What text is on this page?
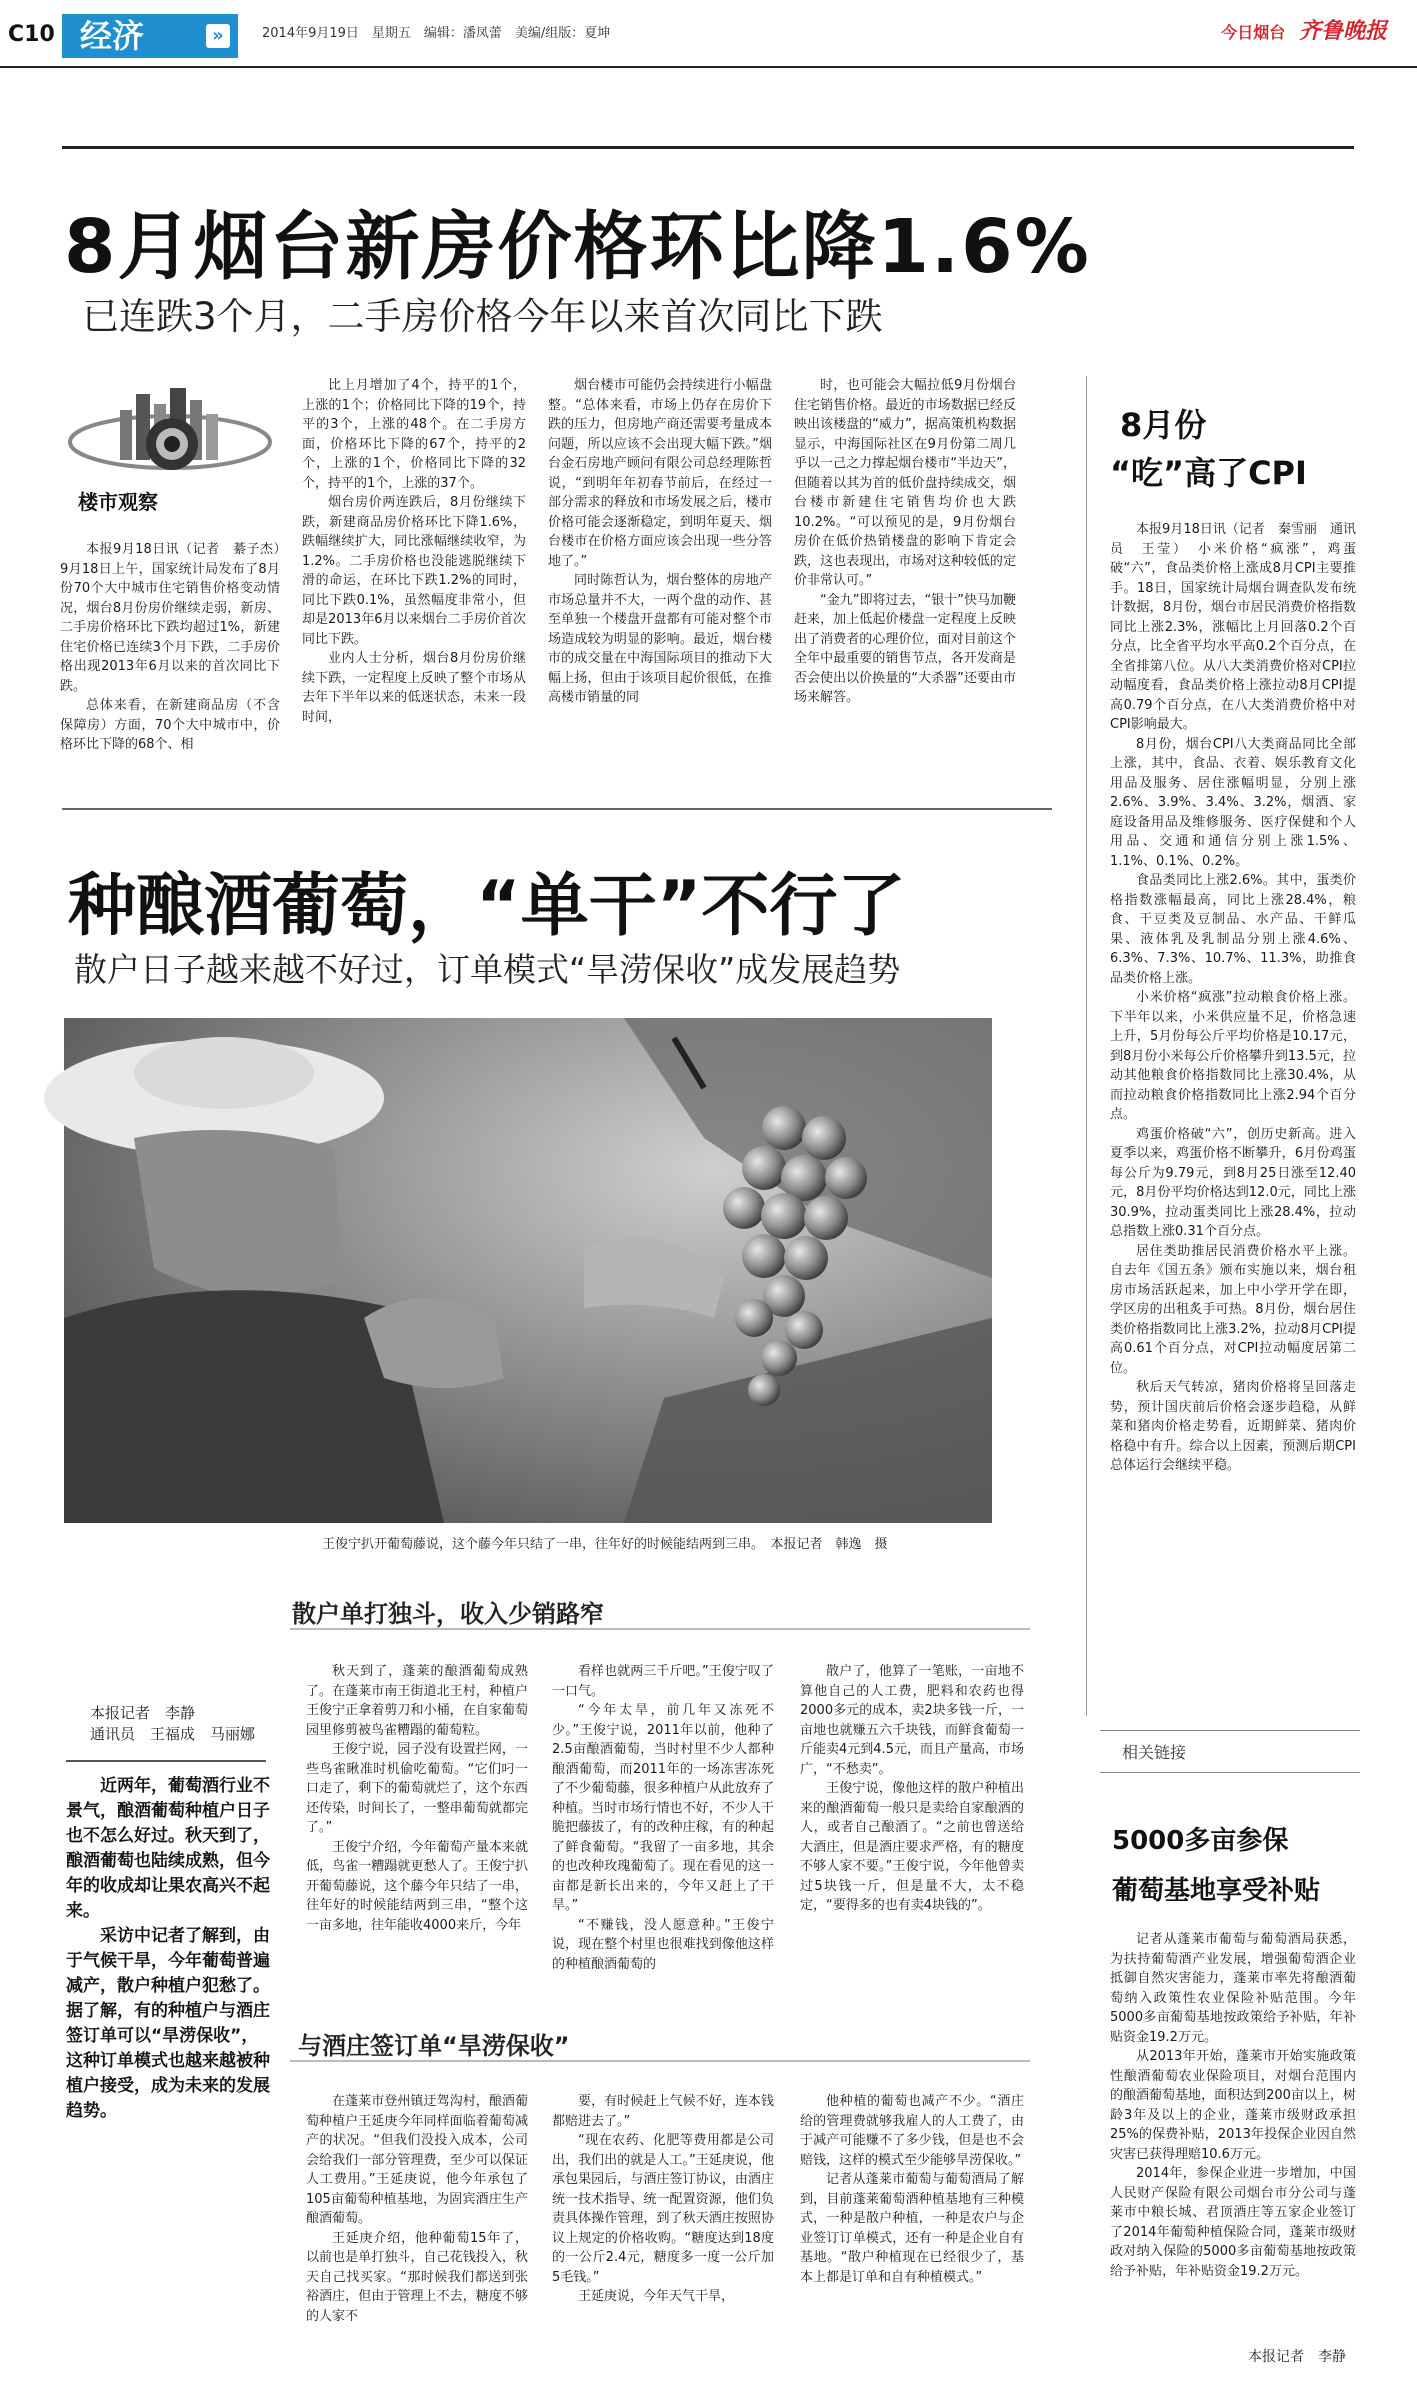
C10 经济	»	2014年9月19日　星期五　编辑：潘凤蕾　美编/组版：夏坤	今日烟台 齐鲁晚报
8月烟台新房价格环比降1.6%
已连跌3个月，二手房价格今年以来首次同比下跌
楼市观察

本报9月18日讯（记者　綦子杰）　9月18日上午，国家统计局发布了8月份70个大中城市住宅销售价格变动情况，烟台8月份房价继续走弱，新房、二手房价格环比下跌均超过1%，新建住宅价格已连续3个月下跌，二手房价格出现2013年6月以来的首次同比下跌。

总体来看，在新建商品房（不含保障房）方面，70个大中城市中，价格环比下降的68个、相

比上月增加了4个，持平的1个，上涨的1个；价格同比下降的19个，持平的3个，上涨的48个。在二手房方面，价格环比下降的67个，持平的2个，上涨的1个，价格同比下降的32个，持平的1个，上涨的37个。

烟台房价两连跌后，8月份继续下跌，新建商品房价格环比下降1.6%，跌幅继续扩大，同比涨幅继续收窄，为1.2%。二手房价格也没能逃脱继续下滑的命运，在环比下跌1.2%的同时，同比下跌0.1%，虽然幅度非常小，但却是2013年6月以来烟台二手房价首次同比下跌。

业内人士分析，烟台8月份房价继续下跌，一定程度上反映了整个市场从去年下半年以来的低迷状态，未来一段时间，

烟台楼市可能仍会持续进行小幅盘整。“总体来看，市场上仍存在房价下跌的压力，但房地产商还需要考量成本问题，所以应该不会出现大幅下跌。”烟台金石房地产顾问有限公司总经理陈哲说，“到明年年初春节前后，在经过一部分需求的释放和市场发展之后，楼市价格可能会逐渐稳定，到明年夏天、烟台楼市在价格方面应该会出现一些分答地了。”

同时陈哲认为，烟台整体的房地产市场总量并不大，一两个盘的动作、甚至单独一个楼盘开盘都有可能对整个市场造成较为明显的影响。最近，烟台楼市的成交量在中海国际项目的推动下大幅上扬，但由于该项目起价很低，在推高楼市销量的同

时，也可能会大幅拉低9月份烟台住宅销售价格。最近的市场数据已经反映出该楼盘的“威力”，据高策机构数据显示，中海国际社区在9月份第二周几乎以一己之力撑起烟台楼市“半边天”，但随着以其为首的低价盘持续成交，烟台楼市新建住宅销售均价也大跌10.2%。“可以预见的是，9月份烟台房价在低价热销楼盘的影响下肯定会跌，这也表现出，市场对这种较低的定价非常认可。”

“金九”即将过去，“银十”快马加鞭赶来，加上低起价楼盘一定程度上反映出了消费者的心理价位，面对目前这个全年中最重要的销售节点，各开发商是否会使出以价换量的“大杀器”还要由市场来解答。

8月份
“吃”高了CPI

本报9月18日讯（记者　秦雪丽　通讯员　王莹）　小米价格“疯涨”，鸡蛋破“六”，食品类价格上涨成8月CPI主要推手。18日，国家统计局烟台调查队发布统计数据，8月份，烟台市居民消费价格指数同比上涨2.3%，涨幅比上月回落0.2个百分点，比全省平均水平高0.2个百分点，在全省排第八位。从八大类消费价格对CPI拉动幅度看，食品类价格上涨拉动8月CPI提高0.79个百分点，在八大类消费价格中对CPI影响最大。

8月份，烟台CPI八大类商品同比全部上涨，其中，食品、衣着、娱乐教育文化用品及服务、居住涨幅明显，分别上涨2.6%、3.9%、3.4%、3.2%，烟酒、家庭设备用品及维修服务、医疗保健和个人用品、交通和通信分别上涨1.5%、1.1%、0.1%、0.2%。

食品类同比上涨2.6%。其中，蛋类价格指数涨幅最高，同比上涨28.4%，粮食、干豆类及豆制品、水产品、干鲜瓜果、液体乳及乳制品分别上涨4.6%、6.3%、7.3%、10.7%、11.3%，助推食品类价格上涨。

小米价格“疯涨”拉动粮食价格上涨。下半年以来，小米供应量不足，价格急速上升，5月份每公斤平均价格是10.17元，到8月份小米每公斤价格攀升到13.5元，拉动其他粮食价格指数同比上涨30.4%，从而拉动粮食价格指数同比上涨2.94个百分点。

鸡蛋价格破“六”，创历史新高。进入夏季以来，鸡蛋价格不断攀升，6月份鸡蛋每公斤为9.79元，到8月25日涨至12.40元，8月份平均价格达到12.0元，同比上涨30.9%，拉动蛋类同比上涨28.4%，拉动总指数上涨0.31个百分点。

居住类助推居民消费价格水平上涨。自去年《国五条》颁布实施以来，烟台租房市场活跃起来，加上中小学开学在即，学区房的出租炙手可热。8月份，烟台居住类价格指数同比上涨3.2%，拉动8月CPI提高0.61个百分点，对CPI拉动幅度居第二位。

秋后天气转凉，猪肉价格将呈回落走势，预计国庆前后价格会逐步趋稳，从鲜菜和猪肉价格走势看，近期鲜菜、猪肉价格稳中有升。综合以上因素，预测后期CPI总体运行会继续平稳。

种酿酒葡萄，“单干”不行了
散户日子越来越不好过，订单模式“旱涝保收”成发展趋势
王俊宁扒开葡萄藤说，这个藤今年只结了一串，往年好的时候能结两到三串。　本报记者　韩逸　摄
本报记者　李静
通讯员　王福成　马丽娜

近两年，葡萄酒行业不景气，酿酒葡萄种植户日子也不怎么好过。秋天到了，酿酒葡萄也陆续成熟，但今年的收成却让果农高兴不起来。

采访中记者了解到，由于气候干旱，今年葡萄普遍减产，散户种植户犯愁了。据了解，有的种植户与酒庄签订单可以“旱涝保收”，这种订单模式也越来越被种植户接受，成为未来的发展趋势。

散户单打独斗，收入少销路窄

秋天到了，蓬莱的酿酒葡萄成熟了。在蓬莱市南王街道北王村，种植户王俊宁正拿着剪刀和小桶，在自家葡萄园里修剪被鸟雀糟蹋的葡萄粒。

王俊宁说，园子没有设置拦网，一些鸟雀瞅准时机偷吃葡萄。“它们叼一口走了，剩下的葡萄就烂了，这个东西还传染，时间长了，一整串葡萄就都完了。”

王俊宁介绍，今年葡萄产量本来就低，鸟雀一糟蹋就更愁人了。王俊宁扒开葡萄藤说，这个藤今年只结了一串，往年好的时候能结两到三串，“整个这一亩多地，往年能收4000来斤，今年

看样也就两三千斤吧。”王俊宁叹了一口气。

“今年太旱，前几年又冻死不少。”王俊宁说，2011年以前，他种了2.5亩酿酒葡萄，当时村里不少人都种酿酒葡萄，而2011年的一场冻害冻死了不少葡萄藤，很多种植户从此放弃了种植。当时市场行情也不好，不少人干脆把藤拔了，有的改种庄稼，有的种起了鲜食葡萄。“我留了一亩多地，其余的也改种玫瑰葡萄了。现在看见的这一亩都是新长出来的，今年又赶上了干旱。”

“不赚钱，没人愿意种。”王俊宁说，现在整个村里也很难找到像他这样的种植酿酒葡萄的

散户了，他算了一笔账，一亩地不算他自己的人工费，肥料和农药也得2000多元的成本，卖2块多钱一斤，一亩地也就赚五六千块钱，而鲜食葡萄一斤能卖4元到4.5元，而且产量高，市场广，“不愁卖”。

王俊宁说，像他这样的散户种植出来的酿酒葡萄一般只是卖给自家酿酒的人，或者自己酿酒了。“之前也曾送给大酒庄，但是酒庄要求严格，有的糖度不够人家不要。”王俊宁说，今年他曾卖过5块钱一斤，但是量不大，太不稳定，“要得多的也有卖4块钱的”。

与酒庄签订单“旱涝保收”

在蓬莱市登州镇迂驾沟村，酿酒葡萄种植户王延庚今年同样面临着葡萄减产的状况。“但我们没投入成本，公司会给我们一部分管理费，至少可以保证人工费用。”王延庚说，他今年承包了105亩葡萄种植基地，为固宾酒庄生产酿酒葡萄。

王延庚介绍，他种葡萄15年了，以前也是单打独斗，自己花钱投入，秋天自己找买家。“那时候我们都送到张裕酒庄，但由于管理上不去，糖度不够的人家不

要，有时候赶上气候不好，连本钱都赔进去了。”

“现在农药、化肥等费用都是公司出，我们出的就是人工。”王延庚说，他承包果园后，与酒庄签订协议，由酒庄统一技术指导、统一配置资源，他们负责具体操作管理，到了秋天酒庄按照协议上规定的价格收购。“糖度达到18度的一公斤2.4元，糖度多一度一公斤加5毛钱。”

王延庚说，今年天气干旱，

他种植的葡萄也减产不少。“酒庄给的管理费就够我雇人的人工费了，由于减产可能赚不了多少钱，但是也不会赔钱，这样的模式至少能够旱涝保收。”

记者从蓬莱市葡萄与葡萄酒局了解到，目前蓬莱葡萄酒种植基地有三种模式，一种是散户种植，一种是农户与企业签订订单模式，还有一种是企业自有基地。“散户种植现在已经很少了，基本上都是订单和自有种植模式。”

相关链接
5000多亩参保
葡萄基地享受补贴

记者从蓬莱市葡萄与葡萄酒局获悉，为扶持葡萄酒产业发展，增强葡萄酒企业抵御自然灾害能力，蓬莱市率先将酿酒葡萄纳入政策性农业保险补贴范围。今年5000多亩葡萄基地按政策给予补贴，年补贴资金19.2万元。

从2013年开始，蓬莱市开始实施政策性酿酒葡萄农业保险项目，对烟台范围内的酿酒葡萄基地，面积达到200亩以上，树龄3年及以上的企业，蓬莱市级财政承担25%的保费补贴，2013年投保企业因自然灾害已获得理赔10.6万元。

2014年，参保企业进一步增加，中国人民财产保险有限公司烟台市分公司与蓬莱市中粮长城、君顶酒庄等五家企业签订了2014年葡萄种植保险合同，蓬莱市级财政对纳入保险的5000多亩葡萄基地按政策给予补贴，年补贴资金19.2万元。

本报记者　李静
